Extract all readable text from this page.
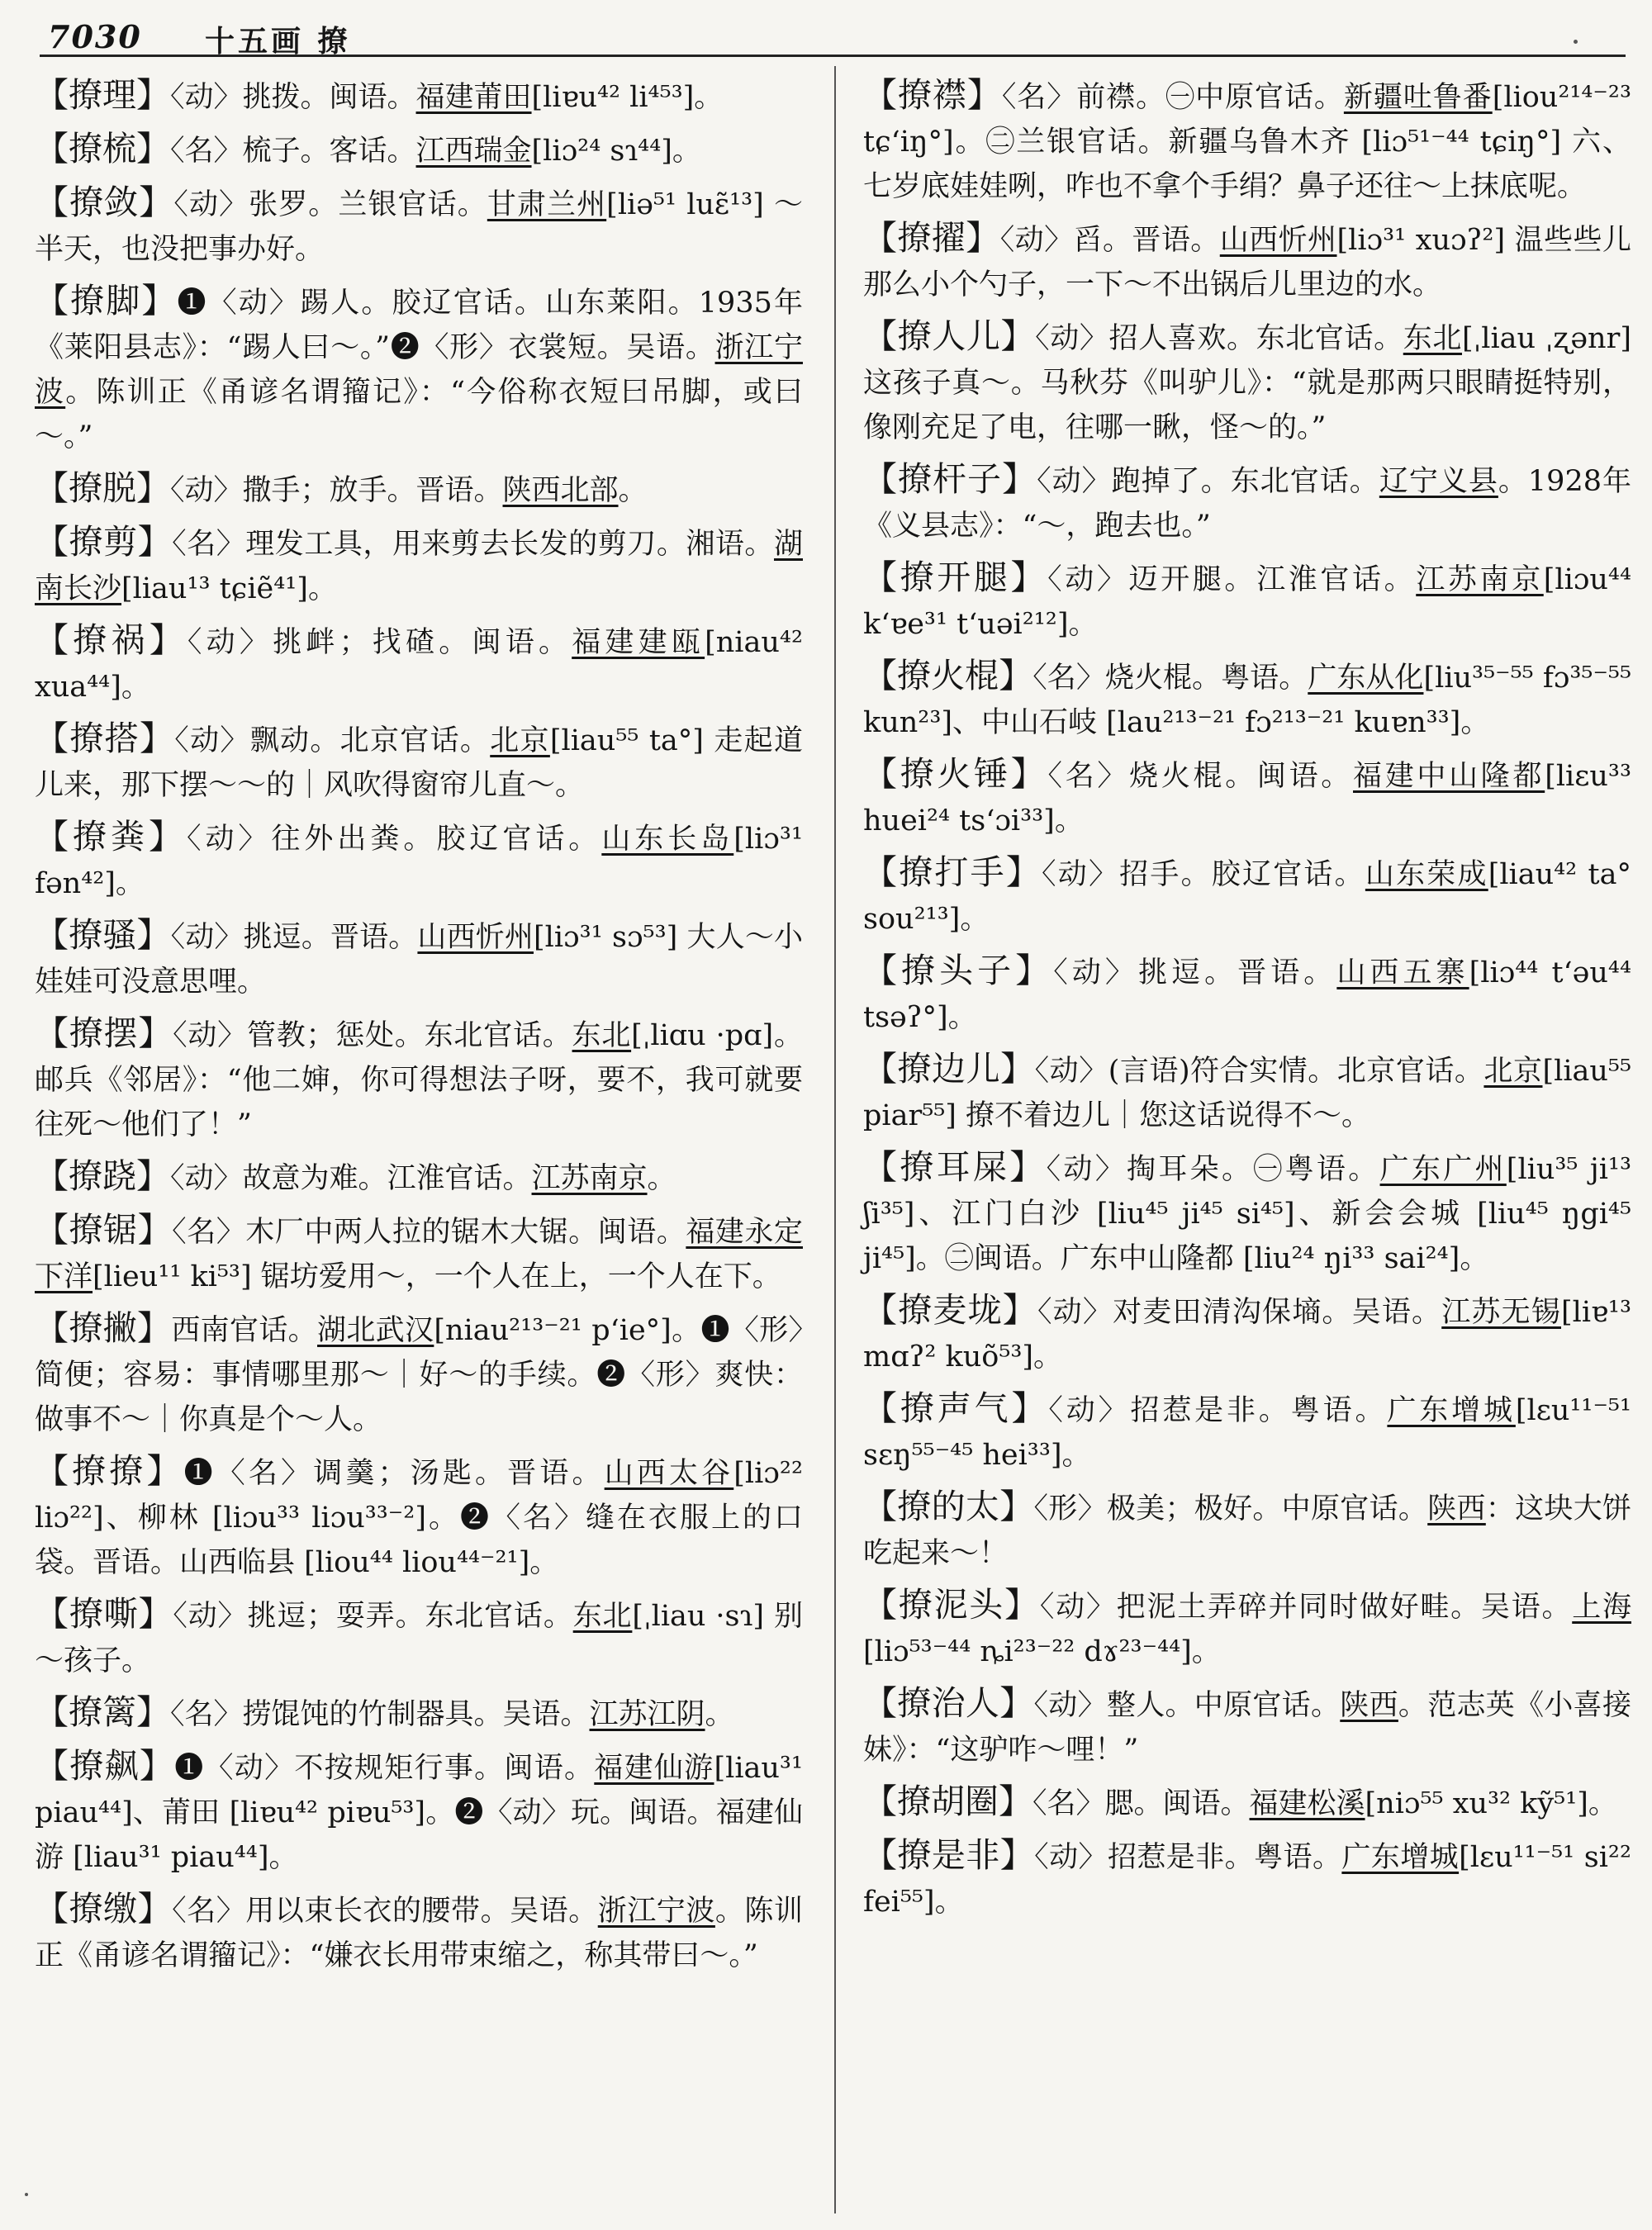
7030 十五画 撩
【撩理】〈动〉挑拨。闽语。福建莆田[liɐu⁴² li⁴⁵³]。
【撩梳】〈名〉梳子。客话。江西瑞金[liɔ²⁴ sɿ⁴⁴]。
【撩敛】〈动〉张罗。兰银官话。甘肃兰州[liə⁵¹ luɛ̃¹³] ～半天，也没把事办好。
【撩脚】❶〈动〉踢人。胶辽官话。山东莱阳。1935年《莱阳县志》：“踢人曰～。”❷〈形〉衣裳短。吴语。浙江宁波。陈训正《甬谚名谓籀记》：“今俗称衣短曰吊脚，或曰～。”
【撩脱】〈动〉撒手；放手。晋语。陕西北部。
【撩剪】〈名〉理发工具，用来剪去长发的剪刀。湘语。湖南长沙[liau¹³ tɕiẽ⁴¹]。
【撩祸】〈动〉挑衅；找碴。闽语。福建建瓯[niau⁴² xua⁴⁴]。
【撩搭】〈动〉飘动。北京官话。北京[liau⁵⁵ ta°] 走起道儿来，那下摆～～的｜风吹得窗帘儿直～。
【撩粪】〈动〉往外出粪。胶辽官话。山东长岛[liɔ³¹ fən⁴²]。
【撩骚】〈动〉挑逗。晋语。山西忻州[liɔ³¹ sɔ⁵³] 大人～小娃娃可没意思哩。
【撩摆】〈动〉管教；惩处。东北官话。东北[ˌliɑu ·pɑ]。邮兵《邻居》：“他二婶，你可得想法子呀，要不，我可就要往死～他们了！”
【撩跷】〈动〉故意为难。江淮官话。江苏南京。
【撩锯】〈名〉木厂中两人拉的锯木大锯。闽语。福建永定下洋[lieu¹¹ ki⁵³] 锯坊爱用～，一个人在上，一个人在下。
【撩撇】西南官话。湖北武汉[niau²¹³⁻²¹ pʻie°]。❶〈形〉简便；容易：事情哪里那～｜好～的手续。❷〈形〉爽快：做事不～｜你真是个～人。
【撩撩】❶〈名〉调羹；汤匙。晋语。山西太谷[liɔ²² liɔ²²]、柳林 [liɔu³³ liɔu³³⁻²]。❷〈名〉缝在衣服上的口袋。晋语。山西临县 [liou⁴⁴ liou⁴⁴⁻²¹]。
【撩嘶】〈动〉挑逗；耍弄。东北官话。东北[ˌliau ·sɿ] 别～孩子。
【撩篱】〈名〉捞馄饨的竹制器具。吴语。江苏江阴。
【撩飙】❶〈动〉不按规矩行事。闽语。福建仙游[liau³¹ piau⁴⁴]、莆田 [liɐu⁴² piɐu⁵³]。❷〈动〉玩。闽语。福建仙游 [liau³¹ piau⁴⁴]。
【撩缴】〈名〉用以束长衣的腰带。吴语。浙江宁波。陈训正《甬谚名谓籀记》：“嫌衣长用带束缩之，称其带曰～。”
【撩襟】〈名〉前襟。㊀中原官话。新疆吐鲁番[liou²¹⁴⁻²³ tɕʻiŋ°]。㊁兰银官话。新疆乌鲁木齐 [liɔ⁵¹⁻⁴⁴ tɕiŋ°] 六、七岁底娃娃咧，咋也不拿个手绢？鼻子还往～上抹底呢。
【撩擢】〈动〉舀。晋语。山西忻州[liɔ³¹ xuɔʔ²] 温些些儿那么小个勺子，一下～不出锅后儿里边的水。
【撩人儿】〈动〉招人喜欢。东北官话。东北[ˌliau ˌʐənr] 这孩子真～。马秋芬《叫驴儿》：“就是那两只眼睛挺特别，像刚充足了电，往哪一瞅，怪～的。”
【撩杆子】〈动〉跑掉了。东北官话。辽宁义县。1928年《义县志》：“～，跑去也。”
【撩开腿】〈动〉迈开腿。江淮官话。江苏南京[liɔu⁴⁴ kʻɐe³¹ tʻuəi²¹²]。
【撩火棍】〈名〉烧火棍。粤语。广东从化[liu³⁵⁻⁵⁵ fɔ³⁵⁻⁵⁵ kun²³]、中山石岐 [lau²¹³⁻²¹ fɔ²¹³⁻²¹ kuɐn³³]。
【撩火锤】〈名〉烧火棍。闽语。福建中山隆都[liɛu³³ huei²⁴ tsʻɔi³³]。
【撩打手】〈动〉招手。胶辽官话。山东荣成[liau⁴² ta° sou²¹³]。
【撩头子】〈动〉挑逗。晋语。山西五寨[liɔ⁴⁴ tʻəu⁴⁴ tsəʔ°]。
【撩边儿】〈动〉(言语)符合实情。北京官话。北京[liau⁵⁵ piar⁵⁵] 撩不着边儿｜您这话说得不～。
【撩耳屎】〈动〉掏耳朵。㊀粤语。广东广州[liu³⁵ ji¹³ ʃi³⁵]、江门白沙 [liu⁴⁵ ji⁴⁵ si⁴⁵]、新会会城 [liu⁴⁵ ŋgi⁴⁵ ji⁴⁵]。㊁闽语。广东中山隆都 [liu²⁴ ŋi³³ sai²⁴]。
【撩麦垅】〈动〉对麦田清沟保墒。吴语。江苏无锡[liɐ¹³ mɑʔ² kuõ⁵³]。
【撩声气】〈动〉招惹是非。粤语。广东增城[lɛu¹¹⁻⁵¹ sɛŋ⁵⁵⁻⁴⁵ hei³³]。
【撩的太】〈形〉极美；极好。中原官话。陕西：这块大饼吃起来～！
【撩泥头】〈动〉把泥土弄碎并同时做好畦。吴语。上海[liɔ⁵³⁻⁴⁴ ȵi²³⁻²² dɤ²³⁻⁴⁴]。
【撩治人】〈动〉整人。中原官话。陕西。范志英《小喜接妹》：“这驴咋～哩！”
【撩胡圈】〈名〉腮。闽语。福建松溪[niɔ⁵⁵ xu³² kỹ⁵¹]。
【撩是非】〈动〉招惹是非。粤语。广东增城[lɛu¹¹⁻⁵¹ si²² fei⁵⁵]。
